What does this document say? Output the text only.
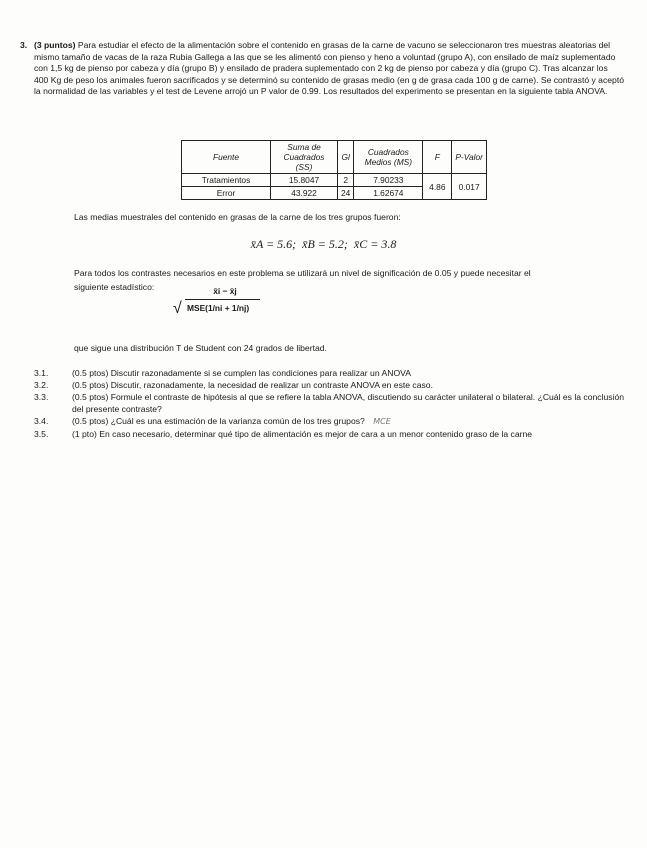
3. (3 puntos) Para estudiar el efecto de la alimentación sobre el contenido en grasas de la carne de vacuno se seleccionaron tres muestras aleatorias del mismo tamaño de vacas de la raza Rubia Gallega a las que se les alimentó con pienso y heno a voluntad (grupo A), con ensilado de maíz suplementado con 1,5 kg de pienso por cabeza y día (grupo B) y ensilado de pradera suplementado con 2 kg de pienso por cabeza y día (grupo C). Tras alcanzar los 400 Kg de peso los animales fueron sacrificados y se determinó su contenido de grasas medio (en g de grasa cada 100 g de carne). Se contrastó y aceptó la normalidad de las variables y el test de Levene arrojó un P valor de 0.99. Los resultados del experimento se presentan en la siguiente tabla ANOVA.
Fuente	Suma de Cuadrados (SS)	Gl	Cuadrados Medios (MS)	F	P-Valor
Tratamientos	15.8047	2	7.90233	4.86	0.017
Error	43.922	24	1.62674		
Las medias muestrales del contenido en grasas de la carne de los tres grupos fueron:
x̄A = 5.6; x̄B = 5.2; x̄C = 3.8
Para todos los contrastes necesarios en este problema se utilizará un nivel de significación de 0.05 y puede necesitar el
siguiente estadístico:	x̄i − x̄j
√ MSE(1/ni + 1/nj)
que sigue una distribución T de Student con 24 grados de libertad.
3.1.	(0.5 ptos) Discutir razonadamente si se cumplen las condiciones para realizar un ANOVA
3.2.	(0.5 ptos) Discutir, razonadamente, la necesidad de realizar un contraste ANOVA en este caso.
3.3.	(0.5 ptos) Formule el contraste de hipótesis al que se refiere la tabla ANOVA, discutiendo su carácter unilateral o bilateral. ¿Cuál es la conclusión del presente contraste?
3.4.	(0.5 ptos) ¿Cuál es una estimación de la varianza común de los tres grupos? MCE
3.5.	(1 pto) En caso necesario, determinar qué tipo de alimentación es mejor de cara a un menor contenido graso de la carne
